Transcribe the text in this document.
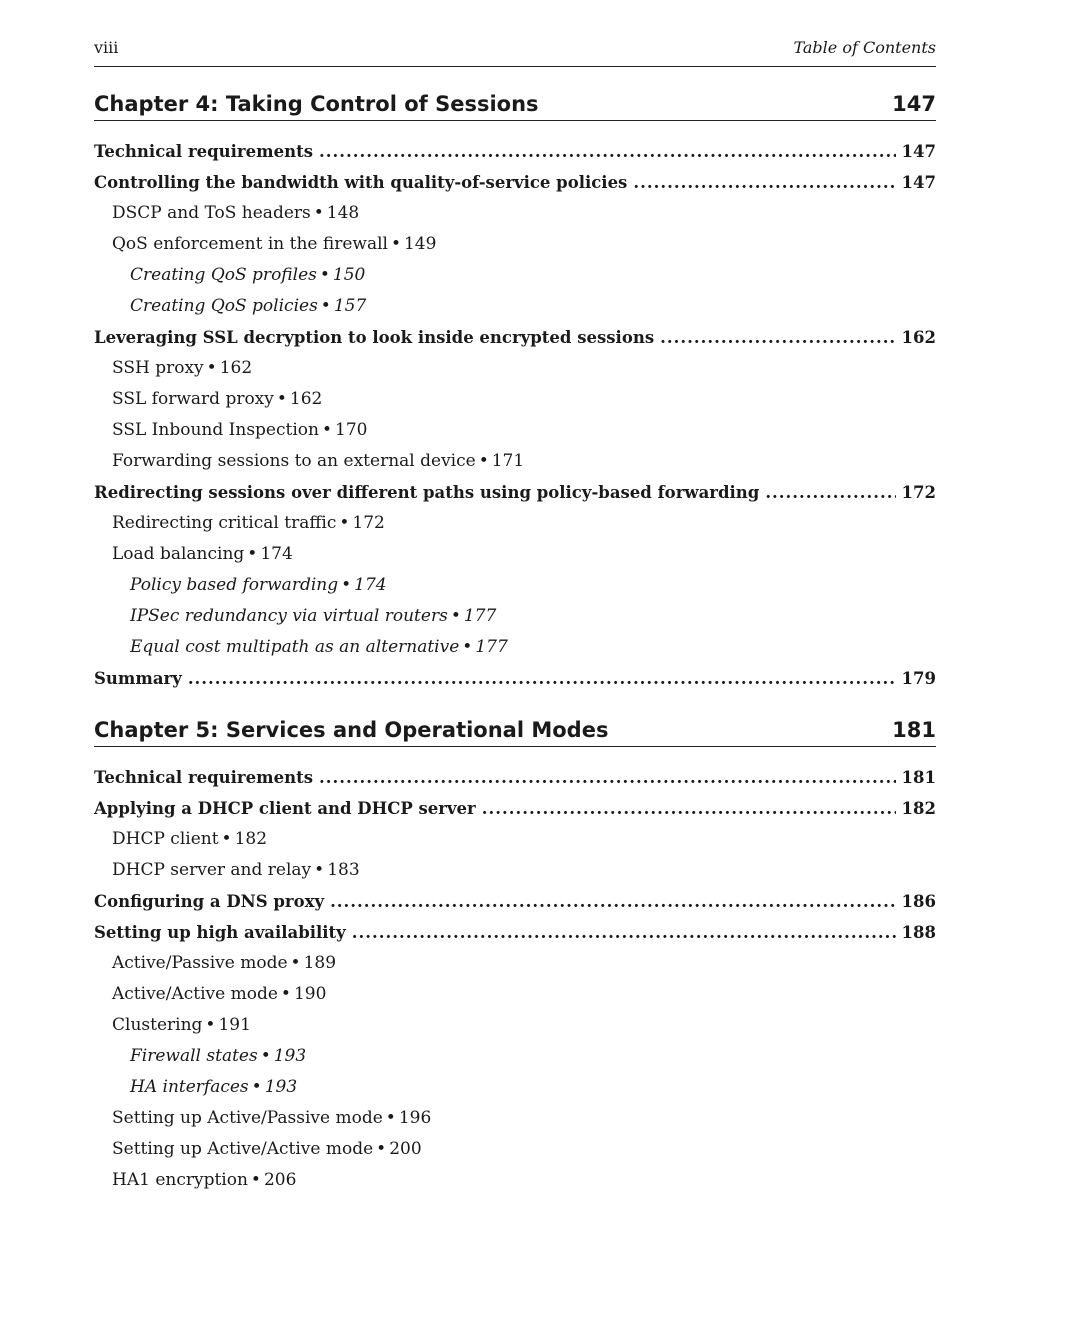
viii	Table of Contents
Chapter 4: Taking Control of Sessions	147
Technical requirements .....	147
Controlling the bandwidth with quality-of-service policies .....	147
DSCP and ToS headers • 148
QoS enforcement in the firewall • 149
Creating QoS profiles • 150
Creating QoS policies • 157
Leveraging SSL decryption to look inside encrypted sessions .....	162
SSH proxy • 162
SSL forward proxy • 162
SSL Inbound Inspection • 170
Forwarding sessions to an external device • 171
Redirecting sessions over different paths using policy-based forwarding .....	172
Redirecting critical traffic • 172
Load balancing • 174
Policy based forwarding • 174
IPSec redundancy via virtual routers • 177
Equal cost multipath as an alternative • 177
Summary .....	179
Chapter 5: Services and Operational Modes	181
Technical requirements .....	181
Applying a DHCP client and DHCP server .....	182
DHCP client • 182
DHCP server and relay • 183
Configuring a DNS proxy .....	186
Setting up high availability .....	188
Active/Passive mode • 189
Active/Active mode • 190
Clustering • 191
Firewall states • 193
HA interfaces • 193
Setting up Active/Passive mode • 196
Setting up Active/Active mode • 200
HA1 encryption • 206
